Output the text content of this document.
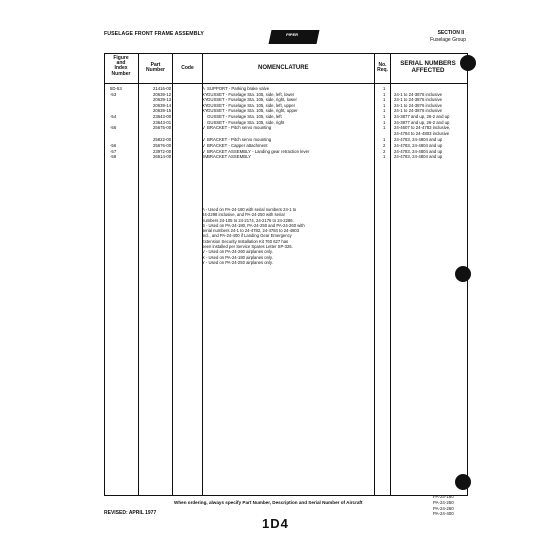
FUSELAGE FRONT FRAME ASSEMBLY	PIPER	SECTION II
Fuselage Group
Figure
and
Index
Number
Part
Number	Code	NOMENCLATURE	No.
Req.
SERIAL NUMBERS
AFFECTED
5D-53	21416-00	A SUPPORT - Parking brake valve	1
-53	20639-12	XY GUSSET - Fuselage Sta. 105, side, left, lower	1 24-1 to 24-3876 inclusive
20639-13	XY GUSSET - Fuselage Sta. 105, side, right, lower	1 24-1 to 24-3876 inclusive
20639-14	XY GUSSET - Fuselage Sta. 105, side, left, upper	1 24-1 to 24-3876 inclusive
20639-15	XY GUSSET - Fuselage Sta. 105, side, right, upper	1 24-1 to 24-3876 inclusive
-54	23643-00	GUSSET - Fuselage Sta. 105, side, left	1 24-3877 and up, 26-2 and up
23643-01	GUSSET - Fuselage Sta. 105, side, right	1 24-3877 and up, 26-2 and up
-56	25675-00	V BRACKET - Pitch servo mounting	1 24-4607 to 24-4783 inclusive,
24-4784 to 24-4803 inclusive
25822-00	V BRACKET - Pitch servo mounting	1 24-4783, 24-4804 and up
-56	25676-00	V BRACKET - Capper attachment	2 24-4783, 24-4804 and up
-57	23972-00	V BRACKET ASSEMBLY - Landing gear retraction lever	2 24-4783, 24-4804 and up
-58	26614-00	BV BRACKET ASSEMBLY	1 24-4783, 24-4804 and up
A - Used on PA-24-180 with serial numbers 24-1 to
24-2298 inclusive, and PA-24-250 with serial
numbers 24-105 to 24-2174, 24-2176 to 24-2286.
B - Used on PA-24-180, PA-24-250 and PA-24-260 with
serial numbers 24-1 to 24-4782, 24-4784 to 24-4803
incl., and PA-24-400 if Landing Gear Emergency
Extension Security Installation Kit 760 627 has
been installed per Service Spares Letter SP-326.
V - Used on PA-24-260 airplanes only.
X - Used on PA-24-180 airplanes only.
Y - Used on PA-24-250 airplanes only.
When ordering, always specify Part Number, Description and Serial Number of Aircraft
REVISED: APRIL 1977
1D4
PA-24-180
PA-24-250
PA-24-260
PA-24-400
